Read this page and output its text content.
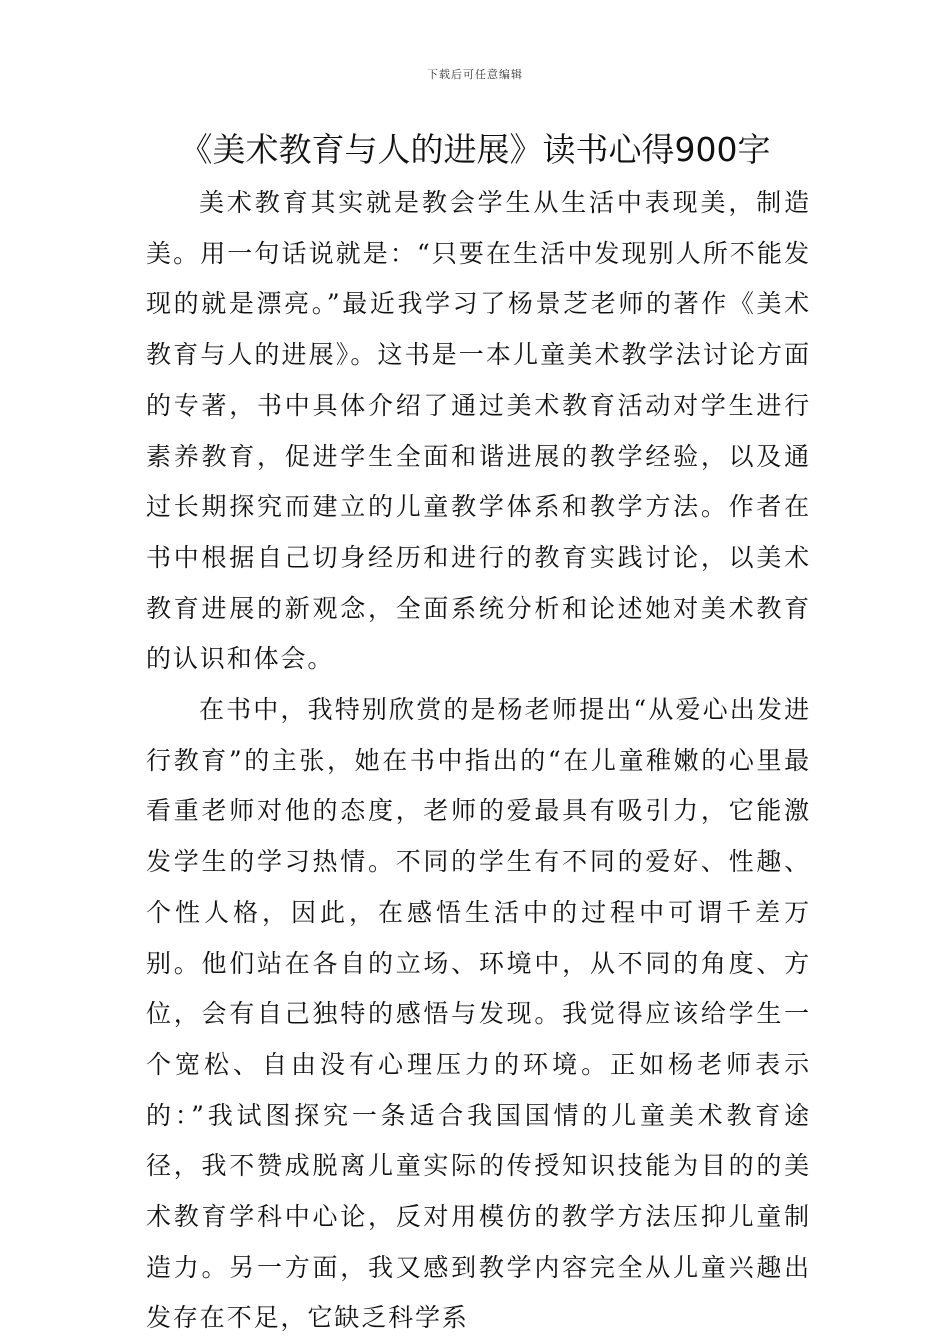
下载后可任意编辑
《美术教育与人的进展》读书心得900字

美术教育其实就是教会学生从生活中表现美，制造美。用一句话说就是：“只要在生活中发现别人所不能发现的就是漂亮。”最近我学习了杨景芝老师的著作《美术教育与人的进展》。这书是一本儿童美术教学法讨论方面的专著，书中具体介绍了通过美术教育活动对学生进行素养教育，促进学生全面和谐进展的教学经验，以及通过长期探究而建立的儿童教学体系和教学方法。作者在书中根据自己切身经历和进行的教育实践讨论，以美术教育进展的新观念，全面系统分析和论述她对美术教育的认识和体会。

在书中，我特别欣赏的是杨老师提出“从爱心出发进行教育”的主张，她在书中指出的“在儿童稚嫩的心里最看重老师对他的态度，老师的爱最具有吸引力，它能激发学生的学习热情。不同的学生有不同的爱好、性趣、个性人格，因此，在感悟生活中的过程中可谓千差万别。他们站在各自的立场、环境中，从不同的角度、方位，会有自己独特的感悟与发现。我觉得应该给学生一个宽松、自由没有心理压力的环境。正如杨老师表示的：”我试图探究一条适合我国国情的儿童美术教育途径，我不赞成脱离儿童实际的传授知识技能为目的的美术教育学科中心论，反对用模仿的教学方法压抑儿童制造力。另一方面，我又感到教学内容完全从儿童兴趣出发存在不足，它缺乏科学系
